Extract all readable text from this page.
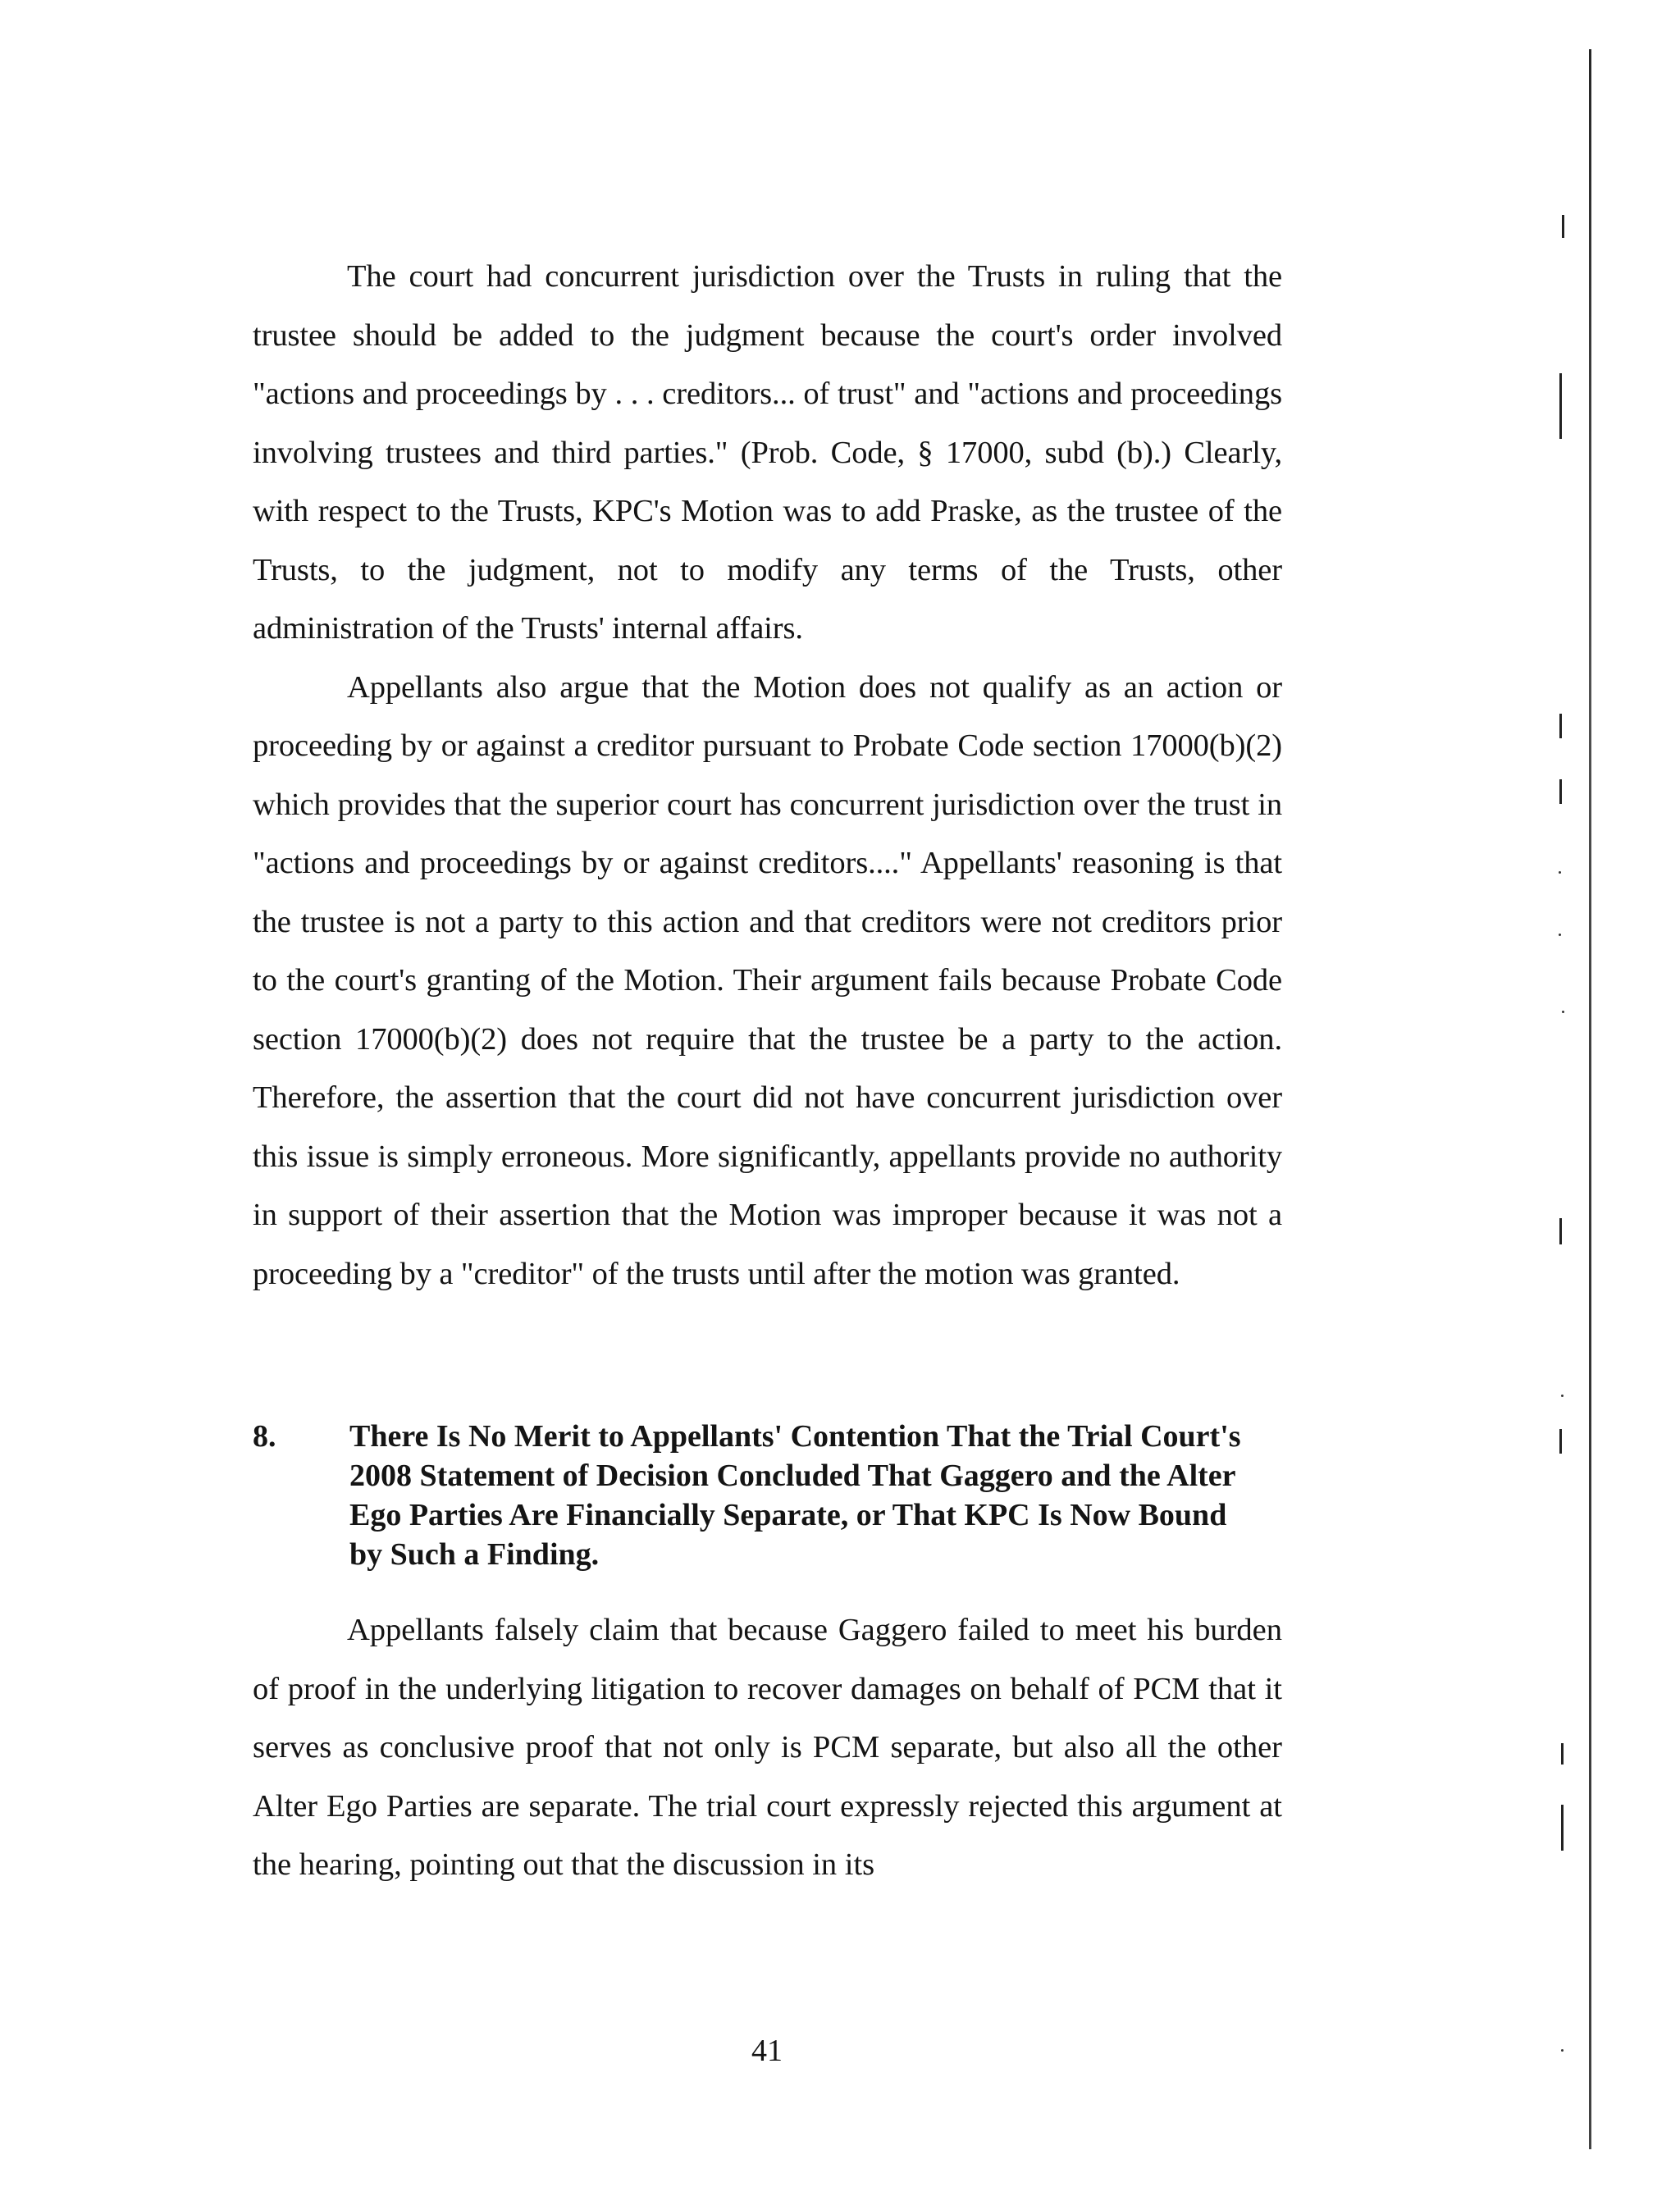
The court had concurrent jurisdiction over the Trusts in ruling that the trustee should be added to the judgment because the court's order involved "actions and proceedings by . . . creditors... of trust" and "actions and proceedings involving trustees and third parties." (Prob. Code, § 17000, subd (b).) Clearly, with respect to the Trusts, KPC's Motion was to add Praske, as the trustee of the Trusts, to the judgment, not to modify any terms of the Trusts, other administration of the Trusts' internal affairs.

Appellants also argue that the Motion does not qualify as an action or proceeding by or against a creditor pursuant to Probate Code section 17000(b)(2) which provides that the superior court has concurrent jurisdiction over the trust in "actions and proceedings by or against creditors...." Appellants' reasoning is that the trustee is not a party to this action and that creditors were not creditors prior to the court's granting of the Motion. Their argument fails because Probate Code section 17000(b)(2) does not require that the trustee be a party to the action. Therefore, the assertion that the court did not have concurrent jurisdiction over this issue is simply erroneous. More significantly, appellants provide no authority in support of their assertion that the Motion was improper because it was not a proceeding by a "creditor" of the trusts until after the motion was granted.

8. There Is No Merit to Appellants' Contention That the Trial Court's 2008 Statement of Decision Concluded That Gaggero and the Alter Ego Parties Are Financially Separate, or That KPC Is Now Bound by Such a Finding.

Appellants falsely claim that because Gaggero failed to meet his burden of proof in the underlying litigation to recover damages on behalf of PCM that it serves as conclusive proof that not only is PCM separate, but also all the other Alter Ego Parties are separate. The trial court expressly rejected this argument at the hearing, pointing out that the discussion in its

41
